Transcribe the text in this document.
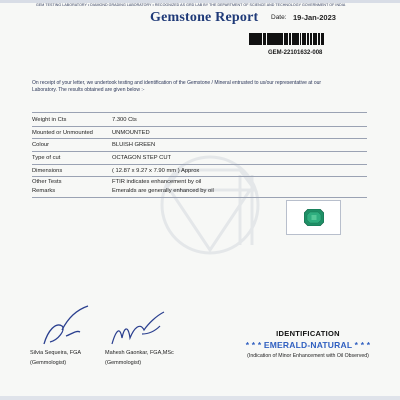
GEM TESTING LABORATORY • DIAMOND GRADING LABORATORY • RECOGNIZED AS GRD LAB BY THE DEPARTMENT OF SCIENCE AND TECHNOLOGY GOVERNMENT OF INDIA
Gemstone Report Date: 19-Jan-2023
GEM-22101632-008
On receipt of your letter, we undertook testing and identification of the Gemstone / Mineral entrusted to us/our representative at our Laboratory. The results obtained are given below :-
Weight in Cts	7.300 Cts
Mounted or Unmounted	UNMOUNTED
Colour	BLUISH GREEN
Type of cut	OCTAGON STEP CUT
Dimensions	( 12.87 x 9.27 x 7.90 mm ) Approx
Other Tests	FTIR indicates enhancement by oil
Remarks	Emeralds are generally enhanced by oil
Silvia Sequeira, FGA
(Gemmologist)
Mahesh Gaonkar, FGA,MSc
(Gemmologist)
IDENTIFICATION
* * * EMERALD-NATURAL * * *
(Indication of Minor Enhancement with Oil Observed)
